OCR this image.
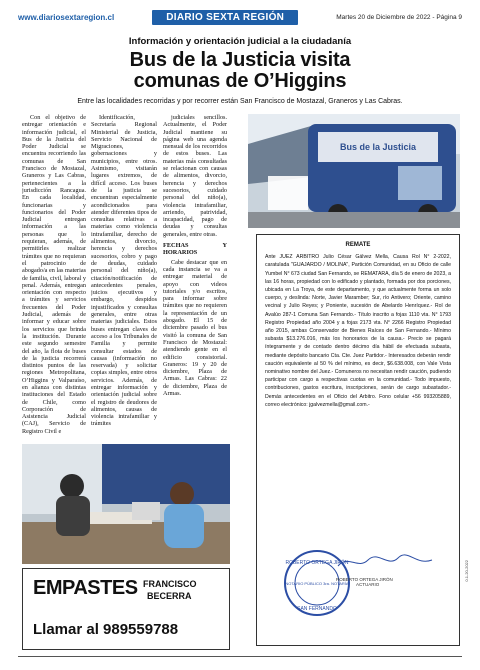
www.diariosextaregion.cl	DIARIO SEXTA REGIÓN	Martes 20 de Diciembre de 2022 - Página 9
Información y orientación judicial a la ciudadanía
Bus de la Justicia visita
comunas de O’Higgins
Entre las localidades recorridas y por recorrer están San Francisco de Mostazal, Graneros y Las Cabras.

Con el objetivo de entregar orientación e información judicial, el Bus de la Justicia del Poder Judicial se encuentra recorriendo las comunas de San Francisco de Mostazal, Graneros y Las Cabras, pertenecientes a la jurisdicción Rancagua. En cada localidad, funcionarias y funcionarios del Poder Judicial entregan información a las personas que lo requieran, además, de permitirles realizar trámites que no requieran el patrocinio de abogado/a en las materias de familia, civil, laboral y penal. Además, entregan orientación con respecto a trámites y servicios frecuentes del Poder Judicial, además de informar y educar sobre los servicios que brinda la institución. Durante este segundo semestre del año, la flota de buses de la justicia recorrerá distintos puntos de las regiones Metropolitana, O’Higgins y Valparaíso, en alianza con distintas instituciones del Estado de Chile, como Corporación de Asistencia Judicial (CAJ), Servicio de Registro Civil e

Identificación, Secretaría Regional Ministerial de Justicia, Servicio Nacional de Migraciones, gobernaciones y municipios, entre otros. Asimismo, visitarán lugares extremos, de difícil acceso. Los buses de la justicia se encuentran especialmente acondicionados para atender diferentes tipos de consultas relativas a materias como violencia intrafamiliar, derecho de alimentos, divorcio, herencia y derechos sucesorios, cobro y pago de deudas, cuidado personal del niño(a), citación/notificación de antecedentes penales, juicios ejecutivos y embargo, despidos injustificados y consultas generales, entre otras materias judiciales. Estos buses entregan claves de acceso a los Tribunales de Familia y permite consultar estados de causas (información no reservada) y solicitar copias simples, entre otros servicios. Además, de entregar información y orientación judicial sobre el registro de deudores de alimentos, causas de violencia intrafamiliar y trámites

judiciales sencillos. Actualmente, el Poder Judicial mantiene su página web una agenda mensual de los recorridos de estos buses. Las materias más consultadas se relacionan con causas de alimentos, divorcio, herencia y derechos sucesorios, cuidado personal del niño(a), violencia intrafamiliar, arriendo, patrividad, incapacidad, pago de deudas y consultas generales, entre otras.

FECHAS Y HORARIOS

Cabe destacar que en cada instancia se va a entregar material de apoyo con videos tutoriales y/o escritos, para informar sobre trámites que no requieren la representación de un abogado. El 15 de diciembre pasado el bus visitó la comuna de San Francisco de Mostazal: atendiendo gente en el edificio consistorial. Graneros: 19 y 20 de diciembre, Plaza de Armas. Las Cabras: 22 de diciembre, Plaza de Armas.

Bus de la Justicia
REMATE
Ante JUEZ ARBITRO Julio César Gálvez Mella, Causa Rol N° 2-2022, caratulada "GUAJARDO / MOLINA", Partición Comunidad, en su Oficio de calle Yumbel N° 673 ciudad San Fernando, se REMATARA, día 5 de enero de 2023, a las 16 horas, propiedad con lo edificado y plantado, formada por dos porciones, ubicada en La Troya, de este departamento, y que actualmente forma un solo cuerpo, y deslinda: Norte, Javier Maramber; Sur, río Antivero; Oriente, camino vecinal y Julio Reyes; y Poniente, sucesión de Abelardo Henríquez.- Rol de Avalúo 287-1 Comuna San Fernando.- Título inscrito a fojas 1110 vta. N° 1793 Registro Propiedad año 2004 y a fojas 2173 vta. N° 2266 Registro Propiedad año 2015, ambas Conservador de Bienes Raíces de San Fernando.- Mínimo subasta $13.276.016, más los honorarios de la causa.- Precio se pagará íntegramente y de contado dentro décimo día hábil de efectuada subasta, mediante depósito bancario Cta. Cte. Juez Partidor.- Interesados deberán rendir caución equivalente al 50 % del mínimo, es decir, $6.638.008, con Vale Vista nominativo nombre del Juez.- Comuneros no necesitan rendir caución, pudiendo participar con cargo a respectivas cuotas en la comunidad.- Todo impuesto, contribuciones, gastos escritura, inscripciones, serán de cargo subastador.- Demás antecedentes en el Oficio del Arbitro. Fono celular +56 993205889, correo electrónico: jgalvezmella@gmail.com.-
ROBERTO ORTEGA JIRÓN
NOTARIO PÚBLICO 3ra. NOTARÍA
SAN FERNANDO
ROBERTO ORTEGA JIRÓN
ACTUARIO
0.1-20-2022
EMPASTES FRANCISCO
BECERRA
Llamar al 989559788
